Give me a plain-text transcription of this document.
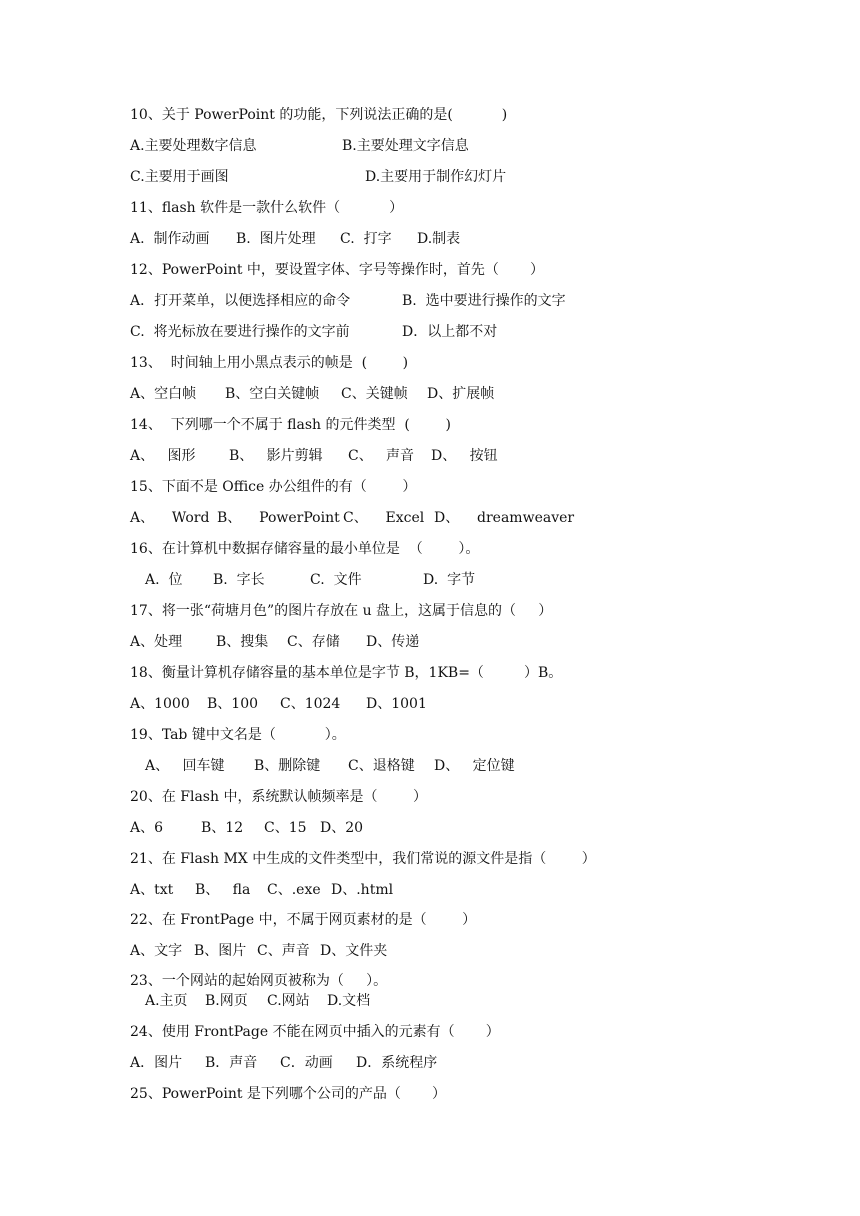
10、关于 PowerPoint 的功能，下列说法正确的是(           )
A.主要处理数字信息	B.主要处理文字信息
C.主要用于画图	D.主要用于制作幻灯片
11、flash 软件是一款什么软件（           ）
A.  制作动画 B.  图片处理 C.  打字 D.制表
12、PowerPoint 中，要设置字体、字号等操作时，首先（       ）
A．打开菜单，以便选择相应的命令	B.  选中要进行操作的文字
C.  将光标放在要进行操作的文字前	D．以上都不对
13、  时间轴上用小黑点表示的帧是  (        )
A、空白帧 B、空白关键帧 C、关键帧 D、扩展帧
14、  下列哪一个不属于 flash 的元件类型  (        )
A、   图形 B、   影片剪辑 C、   声音 D、   按钮
15、下面不是 Office 办公组件的有（        ）
A、    Word B、    PowerPoint C、    Excel D、    dreamweaver
16、在计算机中数据存储容量的最小单位是  （        ）。
A.  位 B.  字长	C.  文件	D.  字节
17、将一张“荷塘月色”的图片存放在 u 盘上，这属于信息的（     ）
A、处理 B、搜集 C、存储 D、传递
18、衡量计算机存储容量的基本单位是字节 B，1KB=（         ）B。
A、1000 B、100 C、1024 D、1001
19、Tab 键中文名是（           ）。
A、   回车键 B、删除键 C、退格键 D、   定位键
20、在 Flash 中，系统默认帧频率是（        ）
A、6	B、12 C、15 D、20
21、在 Flash MX 中生成的文件类型中，我们常说的源文件是指（        ）
A、txt B、   fla C、.exe D、.html
22、在 FrontPage 中，不属于网页素材的是（        ）
A、文字 B、图片 C、声音 D、文件夹
23、一个网站的起始网页被称为（     ）。
A.主页 B.网页 C.网站 D.文档
24、使用 FrontPage 不能在网页中插入的元素有（       ）
A．图片 B．声音 C．动画 D．系统程序
25、PowerPoint 是下列哪个公司的产品（       ）
